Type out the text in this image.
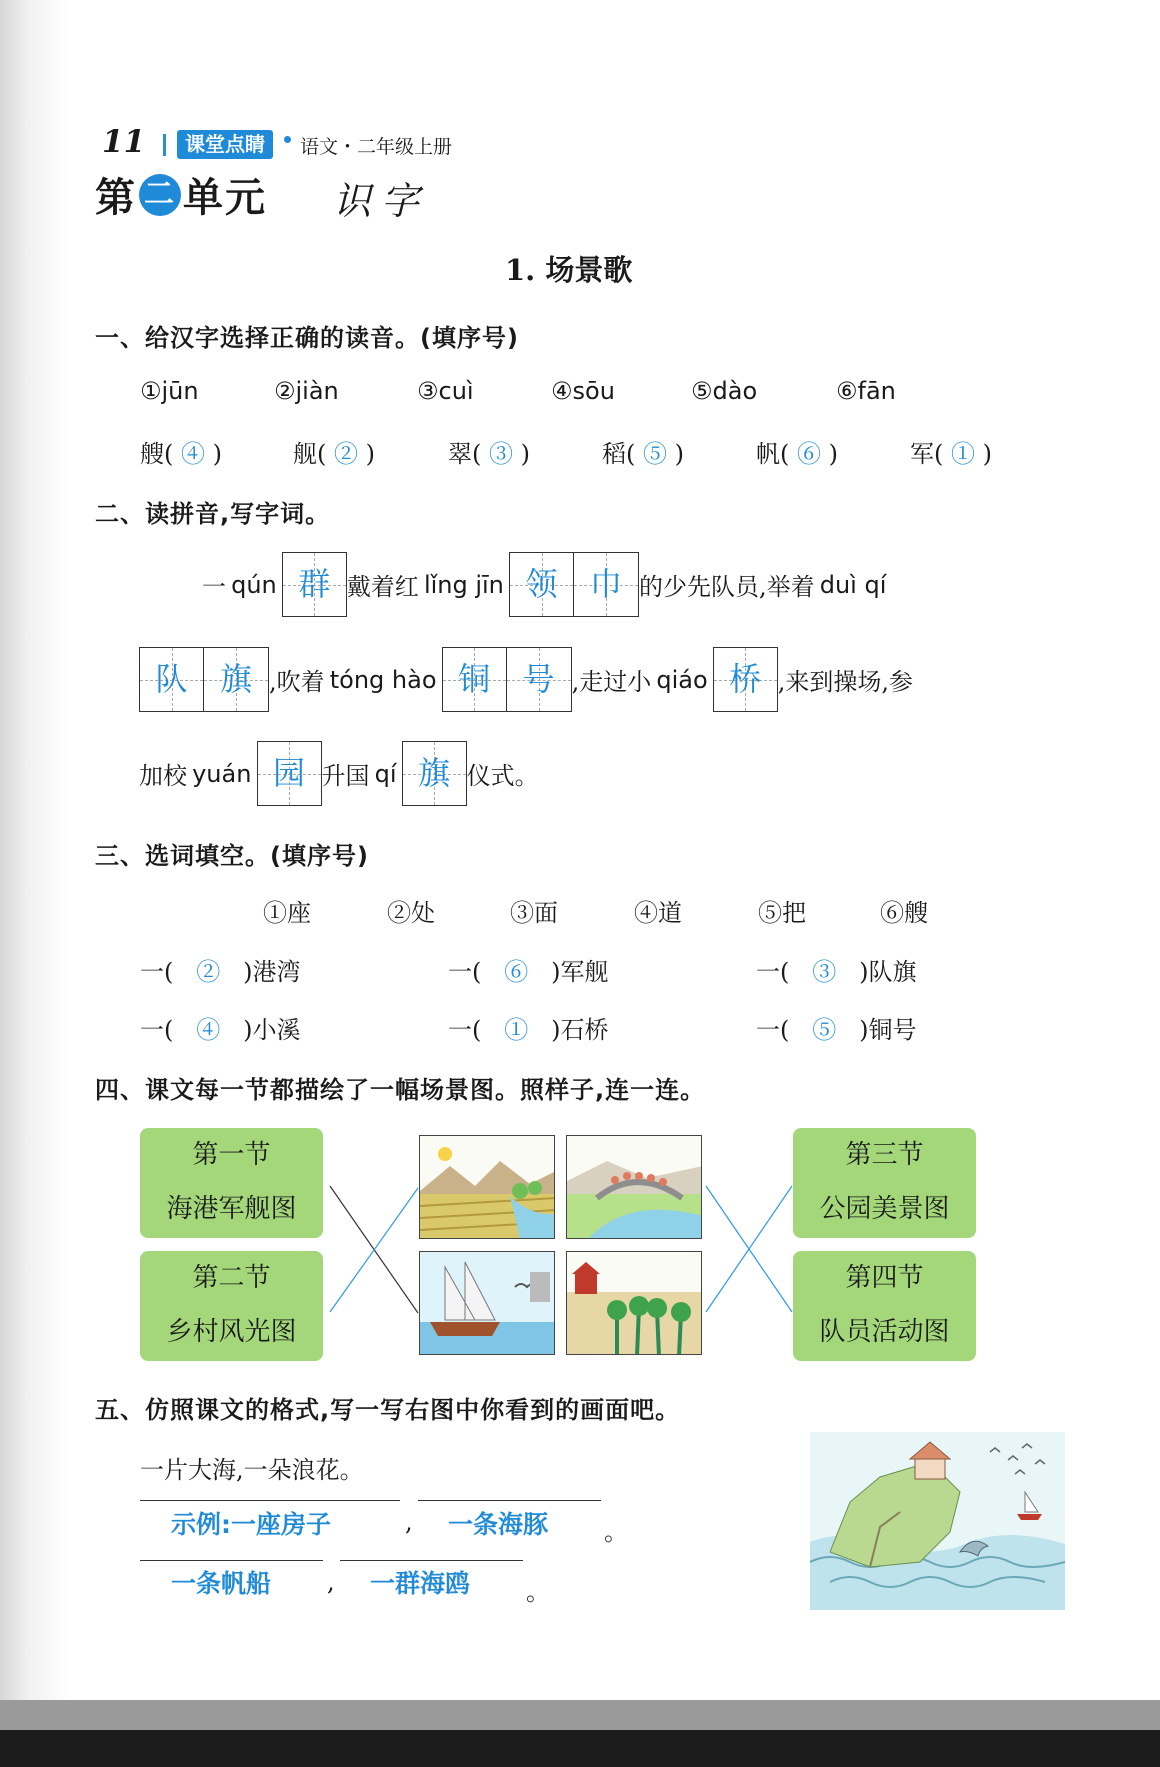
11	课堂点睛	语文・二年级上册
第 二 单元 识字
1. 场景歌
一、给汉字选择正确的读音。(填序号)
①jūn	②jiàn	③cuì	④sōu	⑤dào	⑥fān
艘( ④ )	舰( ② )	翠( ③ )	稻( ⑤ )	帆( ⑥ )	军( ① )
二、读拼音,写字词。
一
qún
群 戴着红
lǐng jīn
领	巾 的少先队员,举着
duì qí
队	旗 ,吹着
tóng hào
铜	号 ,走过小
qiáo
桥 ,来到操场,参
加校
yuán
园 升国
qí
旗 仪式。
三、选词填空。(填序号)
①座	②处	③面	④道	⑤把	⑥艘
一( ② )港湾	一( ⑥ )军舰	一( ③ )队旗
一( ④ )小溪	一( ① )石桥	一( ⑤ )铜号
四、课文每一节都描绘了一幅场景图。照样子,连一连。
第一节
海港军舰图
第二节
乡村风光图
第三节
公园美景图
第四节
队员活动图
五、仿照课文的格式,写一写右图中你看到的画面吧。
一片大海,一朵浪花。
示例:一座房子	, 一条海豚 。
一条帆船 , 一群海鸥 。
